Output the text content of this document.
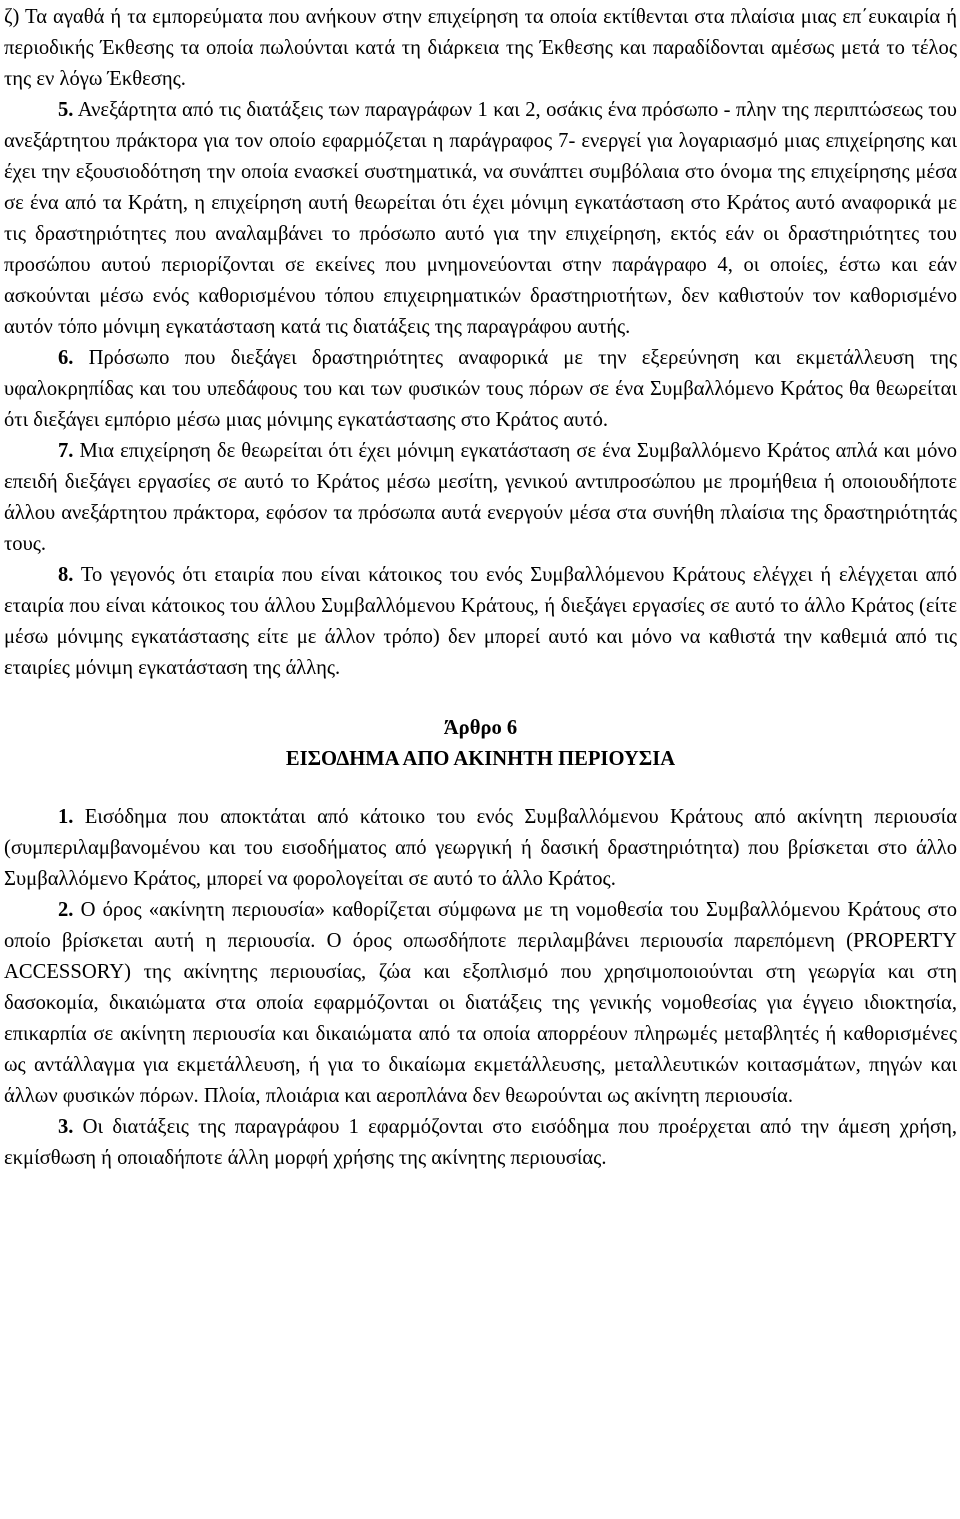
ζ) Τα αγαθά ή τα εμπορεύματα που ανήκουν στην επιχείρηση τα οποία εκτίθενται στα πλαίσια μιας επ΄ευκαιρία ή περιοδικής Έκθεσης τα οποία πωλούνται κατά τη διάρκεια της Έκθεσης και παραδίδονται αμέσως μετά το τέλος της εν λόγω Έκθεσης.

5. Ανεξάρτητα από τις διατάξεις των παραγράφων 1 και 2, οσάκις ένα πρόσωπο - πλην της περιπτώσεως του ανεξάρτητου πράκτορα για τον οποίο εφαρμόζεται η παράγραφος 7- ενεργεί για λογαριασμό μιας επιχείρησης και έχει την εξουσιοδότηση την οποία ενασκεί συστηματικά, να συνάπτει συμβόλαια στο όνομα της επιχείρησης μέσα σε ένα από τα Κράτη, η επιχείρηση αυτή θεωρείται ότι έχει μόνιμη εγκατάσταση στο Κράτος αυτό αναφορικά με τις δραστηριότητες που αναλαμβάνει το πρόσωπο αυτό για την επιχείρηση, εκτός εάν οι δραστηριότητες του προσώπου αυτού περιορίζονται σε εκείνες που μνημονεύονται στην παράγραφο 4, οι οποίες, έστω και εάν ασκούνται μέσω ενός καθορισμένου τόπου επιχειρηματικών δραστηριοτήτων, δεν καθιστούν τον καθορισμένο αυτόν τόπο μόνιμη εγκατάσταση κατά τις διατάξεις της παραγράφου αυτής.

6. Πρόσωπο που διεξάγει δραστηριότητες αναφορικά με την εξερεύνηση και εκμετάλλευση της υφαλοκρηπίδας και του υπεδάφους του και των φυσικών τους πόρων σε ένα Συμβαλλόμενο Κράτος θα θεωρείται ότι διεξάγει εμπόριο μέσω μιας μόνιμης εγκατάστασης στο Κράτος αυτό.

7. Μια επιχείρηση δε θεωρείται ότι έχει μόνιμη εγκατάσταση σε ένα Συμβαλλόμενο Κράτος απλά και μόνο επειδή διεξάγει εργασίες σε αυτό το Κράτος μέσω μεσίτη, γενικού αντιπροσώπου με προμήθεια ή οποιουδήποτε άλλου ανεξάρτητου πράκτορα, εφόσον τα πρόσωπα αυτά ενεργούν μέσα στα συνήθη πλαίσια της δραστηριότητάς τους.

8. Το γεγονός ότι εταιρία που είναι κάτοικος του ενός Συμβαλλόμενου Κράτους ελέγχει ή ελέγχεται από εταιρία που είναι κάτοικος του άλλου Συμβαλλόμενου Κράτους, ή διεξάγει εργασίες σε αυτό το άλλο Κράτος (είτε μέσω μόνιμης εγκατάστασης είτε με άλλον τρόπο) δεν μπορεί αυτό και μόνο να καθιστά την καθεμιά από τις εταιρίες μόνιμη εγκατάσταση της άλλης.

Άρθρο 6
ΕΙΣΟΔΗΜΑ ΑΠΟ ΑΚΙΝΗΤΗ ΠΕΡΙΟΥΣΙΑ

1. Εισόδημα που αποκτάται από κάτοικο του ενός Συμβαλλόμενου Κράτους από ακίνητη περιουσία (συμπεριλαμβανομένου και του εισοδήματος από γεωργική ή δασική δραστηριότητα) που βρίσκεται στο άλλο Συμβαλλόμενο Κράτος, μπορεί να φορολογείται σε αυτό το άλλο Κράτος.

2. Ο όρος «ακίνητη περιουσία» καθορίζεται σύμφωνα με τη νομοθεσία του Συμβαλλόμενου Κράτους στο οποίο βρίσκεται αυτή η περιουσία. Ο όρος οπωσδήποτε περιλαμβάνει περιουσία παρεπόμενη (PROPERTY ACCESSORY) της ακίνητης περιουσίας, ζώα και εξοπλισμό που χρησιμοποιούνται στη γεωργία και στη δασοκομία, δικαιώματα στα οποία εφαρμόζονται οι διατάξεις της γενικής νομοθεσίας για έγγειο ιδιοκτησία, επικαρπία σε ακίνητη περιουσία και δικαιώματα από τα οποία απορρέουν πληρωμές μεταβλητές ή καθορισμένες ως αντάλλαγμα για εκμετάλλευση, ή για το δικαίωμα εκμετάλλευσης, μεταλλευτικών κοιτασμάτων, πηγών και άλλων φυσικών πόρων. Πλοία, πλοιάρια και αεροπλάνα δεν θεωρούνται ως ακίνητη περιουσία.

3. Οι διατάξεις της παραγράφου 1 εφαρμόζονται στο εισόδημα που προέρχεται από την άμεση χρήση, εκμίσθωση ή οποιαδήποτε άλλη μορφή χρήσης της ακίνητης περιουσίας.
